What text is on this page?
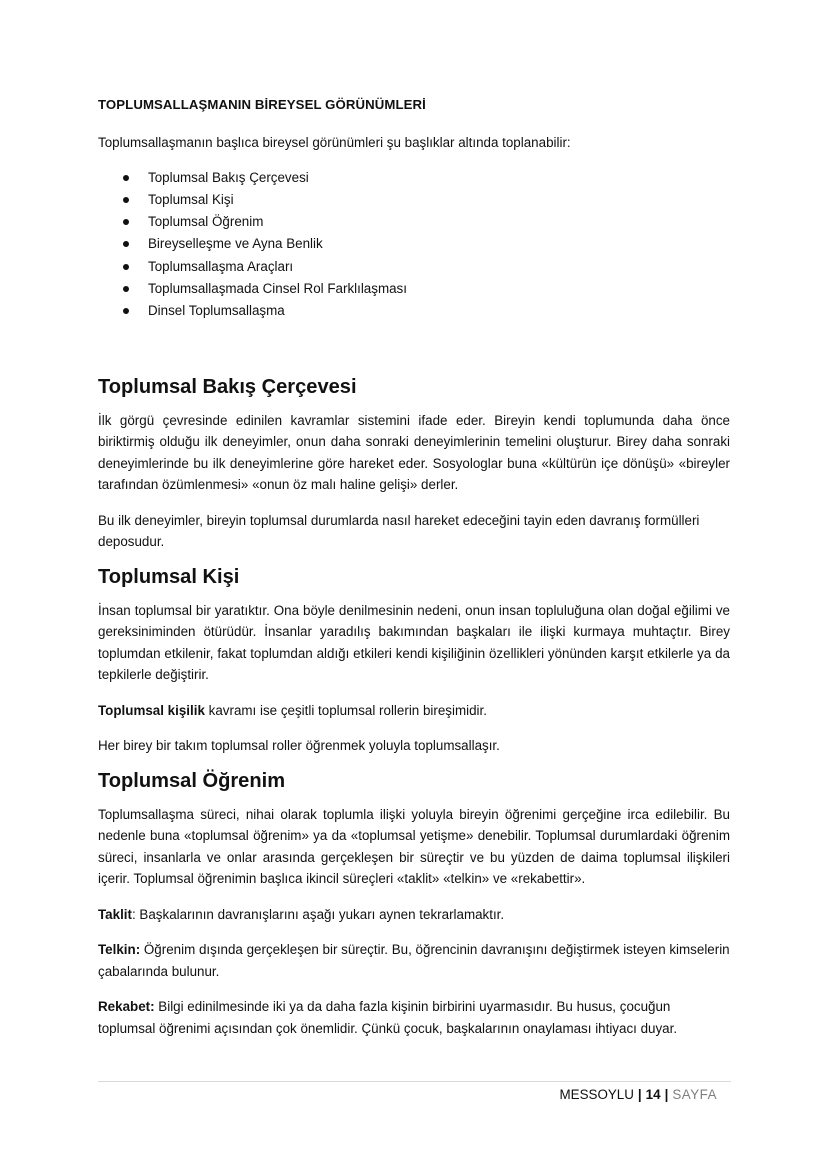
TOPLUMSALLAŞMANIN BİREYSEL GÖRÜNÜMLERİ

Toplumsallaşmanın başlıca bireysel görünümleri şu başlıklar altında toplanabilir:

Toplumsal Bakış Çerçevesi
Toplumsal Kişi
Toplumsal Öğrenim
Bireyselleşme ve Ayna Benlik
Toplumsallaşma Araçları
Toplumsallaşmada Cinsel Rol Farklılaşması
Dinsel Toplumsallaşma
Toplumsal Bakış Çerçevesi

İlk görgü çevresinde edinilen kavramlar sistemini ifade eder. Bireyin kendi toplumunda daha önce biriktirmiş olduğu ilk deneyimler, onun daha sonraki deneyimlerinin temelini oluşturur. Birey daha sonraki deneyimlerinde bu ilk deneyimlerine göre hareket eder. Sosyologlar buna «kültürün içe dönüşü» «bireyler tarafından özümlenmesi» «onun öz malı haline gelişi» derler.

Bu ilk deneyimler, bireyin toplumsal durumlarda nasıl hareket edeceğini tayin eden davranış formülleri deposudur.

Toplumsal Kişi

İnsan toplumsal bir yaratıktır. Ona böyle denilmesinin nedeni, onun insan topluluğuna olan doğal eğilimi ve gereksiniminden ötürüdür. İnsanlar yaradılış bakımından başkaları ile ilişki kurmaya muhtaçtır. Birey toplumdan etkilenir, fakat toplumdan aldığı etkileri kendi kişiliğinin özellikleri yönünden karşıt etkilerle ya da tepkilerle değiştirir.

Toplumsal kişilik kavramı ise çeşitli toplumsal rollerin bireşimidir.

Her birey bir takım toplumsal roller öğrenmek yoluyla toplumsallaşır.

Toplumsal Öğrenim

Toplumsallaşma süreci, nihai olarak toplumla ilişki yoluyla bireyin öğrenimi gerçeğine irca edilebilir. Bu nedenle buna «toplumsal öğrenim» ya da «toplumsal yetişme» denebilir. Toplumsal durumlardaki öğrenim süreci, insanlarla ve onlar arasında gerçekleşen bir süreçtir ve bu yüzden de daima toplumsal ilişkileri içerir. Toplumsal öğrenimin başlıca ikincil süreçleri «taklit» «telkin» ve «rekabettir».

Taklit: Başkalarının davranışlarını aşağı yukarı aynen tekrarlamaktır.

Telkin: Öğrenim dışında gerçekleşen bir süreçtir. Bu, öğrencinin davranışını değiştirmek isteyen kimselerin çabalarında bulunur.

Rekabet: Bilgi edinilmesinde iki ya da daha fazla kişinin birbirini uyarmasıdır. Bu husus, çocuğun toplumsal öğrenimi açısından çok önemlidir. Çünkü çocuk, başkalarının onaylaması ihtiyacı duyar.

MESSOYLU | 14 | SAYFA
